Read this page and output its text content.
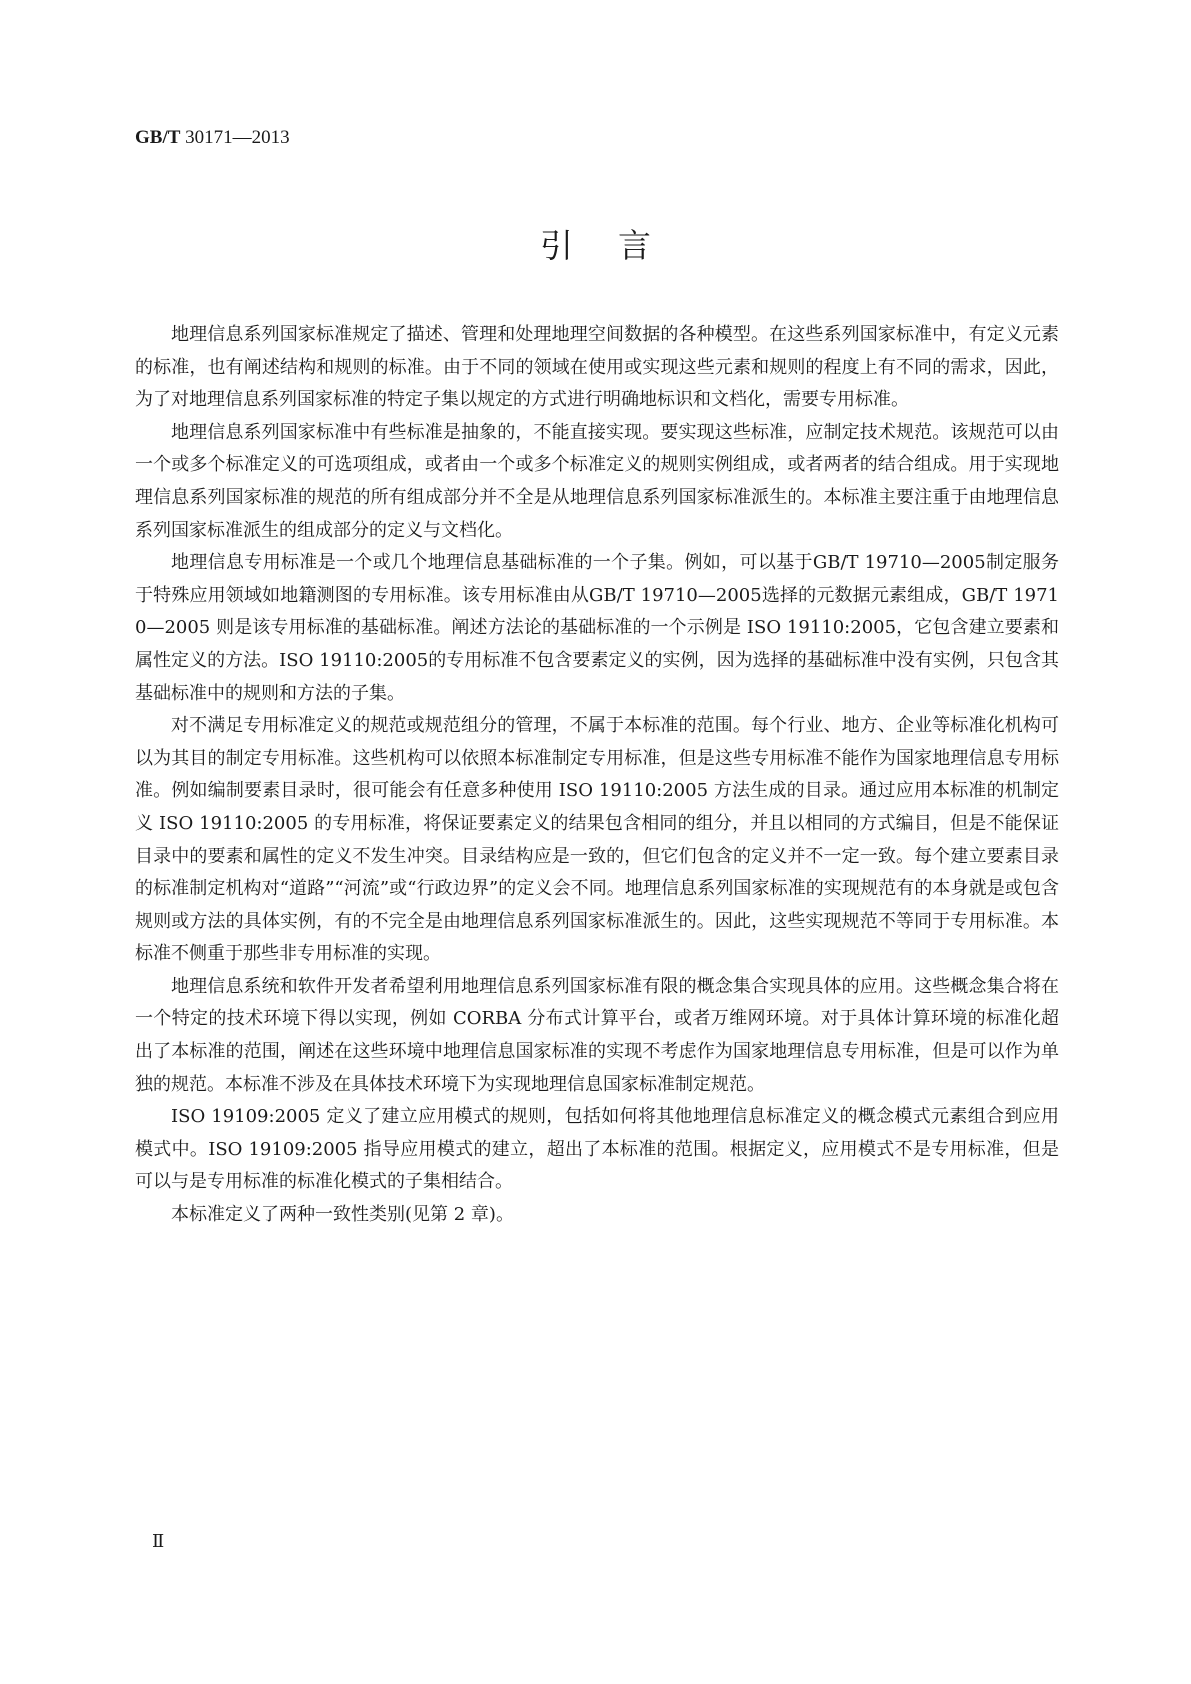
GB/T 30171—2013
引言

地理信息系列国家标准规定了描述、管理和处理地理空间数据的各种模型。在这些系列国家标准中，有定义元素的标准，也有阐述结构和规则的标准。由于不同的领域在使用或实现这些元素和规则的程度上有不同的需求，因此，为了对地理信息系列国家标准的特定子集以规定的方式进行明确地标识和文档化，需要专用标准。

地理信息系列国家标准中有些标准是抽象的，不能直接实现。要实现这些标准，应制定技术规范。该规范可以由一个或多个标准定义的可选项组成，或者由一个或多个标准定义的规则实例组成，或者两者的结合组成。用于实现地理信息系列国家标准的规范的所有组成部分并不全是从地理信息系列国家标准派生的。本标准主要注重于由地理信息系列国家标准派生的组成部分的定义与文档化。

地理信息专用标准是一个或几个地理信息基础标准的一个子集。例如，可以基于GB/T 19710—2005制定服务于特殊应用领域如地籍测图的专用标准。该专用标准由从GB/T 19710—2005选择的元数据元素组成，GB/T 19710—2005 则是该专用标准的基础标准。阐述方法论的基础标准的一个示例是 ISO 19110:2005，它包含建立要素和属性定义的方法。ISO 19110:2005的专用标准不包含要素定义的实例，因为选择的基础标准中没有实例，只包含其基础标准中的规则和方法的子集。

对不满足专用标准定义的规范或规范组分的管理，不属于本标准的范围。每个行业、地方、企业等标准化机构可以为其目的制定专用标准。这些机构可以依照本标准制定专用标准，但是这些专用标准不能作为国家地理信息专用标准。例如编制要素目录时，很可能会有任意多种使用 ISO 19110:2005 方法生成的目录。通过应用本标准的机制定义 ISO 19110:2005 的专用标准，将保证要素定义的结果包含相同的组分，并且以相同的方式编目，但是不能保证目录中的要素和属性的定义不发生冲突。目录结构应是一致的，但它们包含的定义并不一定一致。每个建立要素目录的标准制定机构对“道路”“河流”或“行政边界”的定义会不同。地理信息系列国家标准的实现规范有的本身就是或包含规则或方法的具体实例，有的不完全是由地理信息系列国家标准派生的。因此，这些实现规范不等同于专用标准。本标准不侧重于那些非专用标准的实现。

地理信息系统和软件开发者希望利用地理信息系列国家标准有限的概念集合实现具体的应用。这些概念集合将在一个特定的技术环境下得以实现，例如 CORBA 分布式计算平台，或者万维网环境。对于具体计算环境的标准化超出了本标准的范围，阐述在这些环境中地理信息国家标准的实现不考虑作为国家地理信息专用标准，但是可以作为单独的规范。本标准不涉及在具体技术环境下为实现地理信息国家标准制定规范。

ISO 19109:2005 定义了建立应用模式的规则，包括如何将其他地理信息标准定义的概念模式元素组合到应用模式中。ISO 19109:2005 指导应用模式的建立，超出了本标准的范围。根据定义，应用模式不是专用标准，但是可以与是专用标准的标准化模式的子集相结合。

本标准定义了两种一致性类别(见第 2 章)。

Ⅱ
